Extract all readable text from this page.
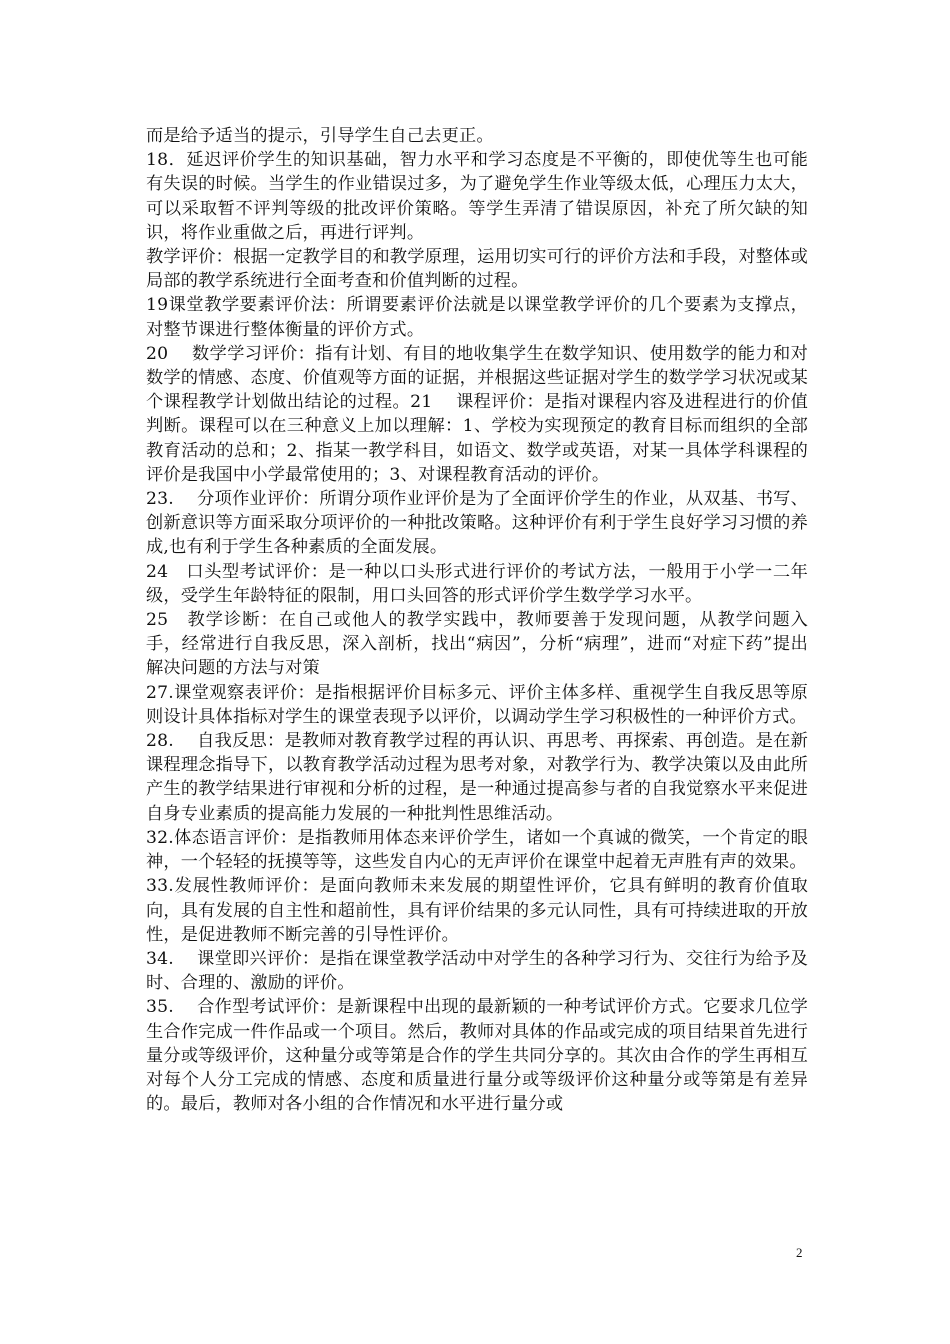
而是给予适当的提示，引导学生自己去更正。

18．延迟评价学生的知识基础，智力水平和学习态度是不平衡的，即使优等生也可能有失误的时候。当学生的作业错误过多，为了避免学生作业等级太低，心理压力太大，可以采取暂不评判等级的批改评价策略。等学生弄清了错误原因，补充了所欠缺的知识，将作业重做之后，再进行评判。

教学评价：根据一定教学目的和教学原理，运用切实可行的评价方法和手段，对整体或局部的教学系统进行全面考查和价值判断的过程。

19课堂教学要素评价法：所谓要素评价法就是以课堂教学评价的几个要素为支撑点，对整节课进行整体衡量的评价方式。

20　 数学学习评价：指有计划、有目的地收集学生在数学知识、使用数学的能力和对数学的情感、态度、价值观等方面的证据，并根据这些证据对学生的数学学习状况或某个课程教学计划做出结论的过程。21　 课程评价：是指对课程内容及进程进行的价值判断。课程可以在三种意义上加以理解：1、学校为实现预定的教育目标而组织的全部教育活动的总和；2、指某一教学科目，如语文、数学或英语，对某一具体学科课程的评价是我国中小学最常使用的；3、对课程教育活动的评价。

23.　 分项作业评价：所谓分项作业评价是为了全面评价学生的作业，从双基、书写、创新意识等方面采取分项评价的一种批改策略。这种评价有利于学生良好学习习惯的养成,也有利于学生各种素质的全面发展。

24　口头型考试评价：是一种以口头形式进行评价的考试方法，一般用于小学一二年级，受学生年龄特征的限制，用口头回答的形式评价学生数学学习水平。

25　教学诊断：在自己或他人的教学实践中，教师要善于发现问题，从教学问题入手，经常进行自我反思，深入剖析，找出“病因”，分析“病理”，进而“对症下药”提出解决问题的方法与对策

27.课堂观察表评价：是指根据评价目标多元、评价主体多样、重视学生自我反思等原则设计具体指标对学生的课堂表现予以评价，以调动学生学习积极性的一种评价方式。

28.　 自我反思：是教师对教育教学过程的再认识、再思考、再探索、再创造。是在新课程理念指导下，以教育教学活动过程为思考对象，对教学行为、教学决策以及由此所产生的教学结果进行审视和分析的过程，是一种通过提高参与者的自我觉察水平来促进自身专业素质的提高能力发展的一种批判性思维活动。

32.体态语言评价：是指教师用体态来评价学生，诸如一个真诚的微笑，一个肯定的眼神，一个轻轻的抚摸等等，这些发自内心的无声评价在课堂中起着无声胜有声的效果。

33.发展性教师评价：是面向教师未来发展的期望性评价，它具有鲜明的教育价值取向，具有发展的自主性和超前性，具有评价结果的多元认同性，具有可持续进取的开放性，是促进教师不断完善的引导性评价。

34.　 课堂即兴评价：是指在课堂教学活动中对学生的各种学习行为、交往行为给予及时、合理的、激励的评价。

35.　 合作型考试评价：是新课程中出现的最新颖的一种考试评价方式。它要求几位学生合作完成一件作品或一个项目。然后，教师对具体的作品或完成的项目结果首先进行量分或等级评价，这种量分或等第是合作的学生共同分享的。其次由合作的学生再相互对每个人分工完成的情感、态度和质量进行量分或等级评价这种量分或等第是有差异的。最后，教师对各小组的合作情况和水平进行量分或

2
